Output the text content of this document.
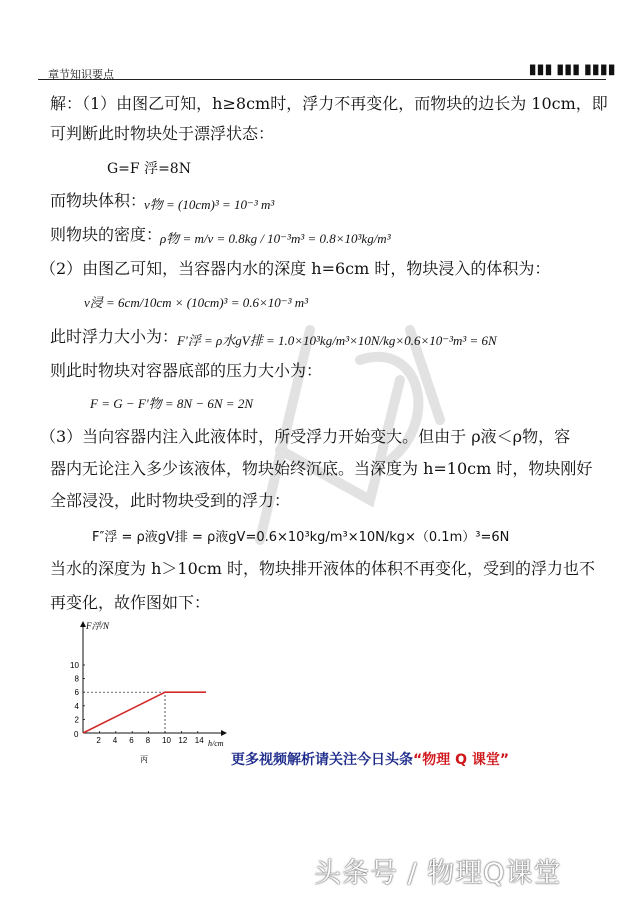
章节知识要点	▊▊▊ ▊▊▊ ▊▊▊▊
解：（1）由图乙可知，h≥8cm时，浮力不再变化，而物块的边长为 10cm，即
可判断此时物块处于漂浮状态：
G=F 浮=8N
而物块体积：
v物 = (10cm)³ = 10⁻³ m³
则物块的密度：
ρ物 = m/v = 0.8kg / 10⁻³m³ = 0.8×10³kg/m³
（2）由图乙可知，当容器内水的深度 h=6cm 时，物块浸入的体积为：
v浸 = 6cm/10cm × (10cm)³ = 0.6×10⁻³ m³
此时浮力大小为：
F′浮 = ρ水gV排 = 1.0×10³kg/m³×10N/kg×0.6×10⁻³m³ = 6N
则此时物块对容器底部的压力大小为：
F = G − F′物 = 8N − 6N = 2N
（3）当向容器内注入此液体时，所受浮力开始变大。但由于 ρ液＜ρ物，容
器内无论注入多少该液体，物块始终沉底。当深度为 h=10cm 时，物块刚好
全部浸没，此时物块受到的浮力：
F″浮 = ρ液gV排 = ρ液gV=0.6×10³kg/m³×10N/kg×（0.1m）³=6N
当水的深度为 h＞10cm 时，物块排开液体的体积不再变化，受到的浮力也不
再变化，故作图如下：
F浮/N
h/cm
0
丙
2 4 6 8 10 12 14
2
4
6
8
10
更多视频解析请关注今日头条“物理 Q 课堂”
头条号 / 物理Q课堂
